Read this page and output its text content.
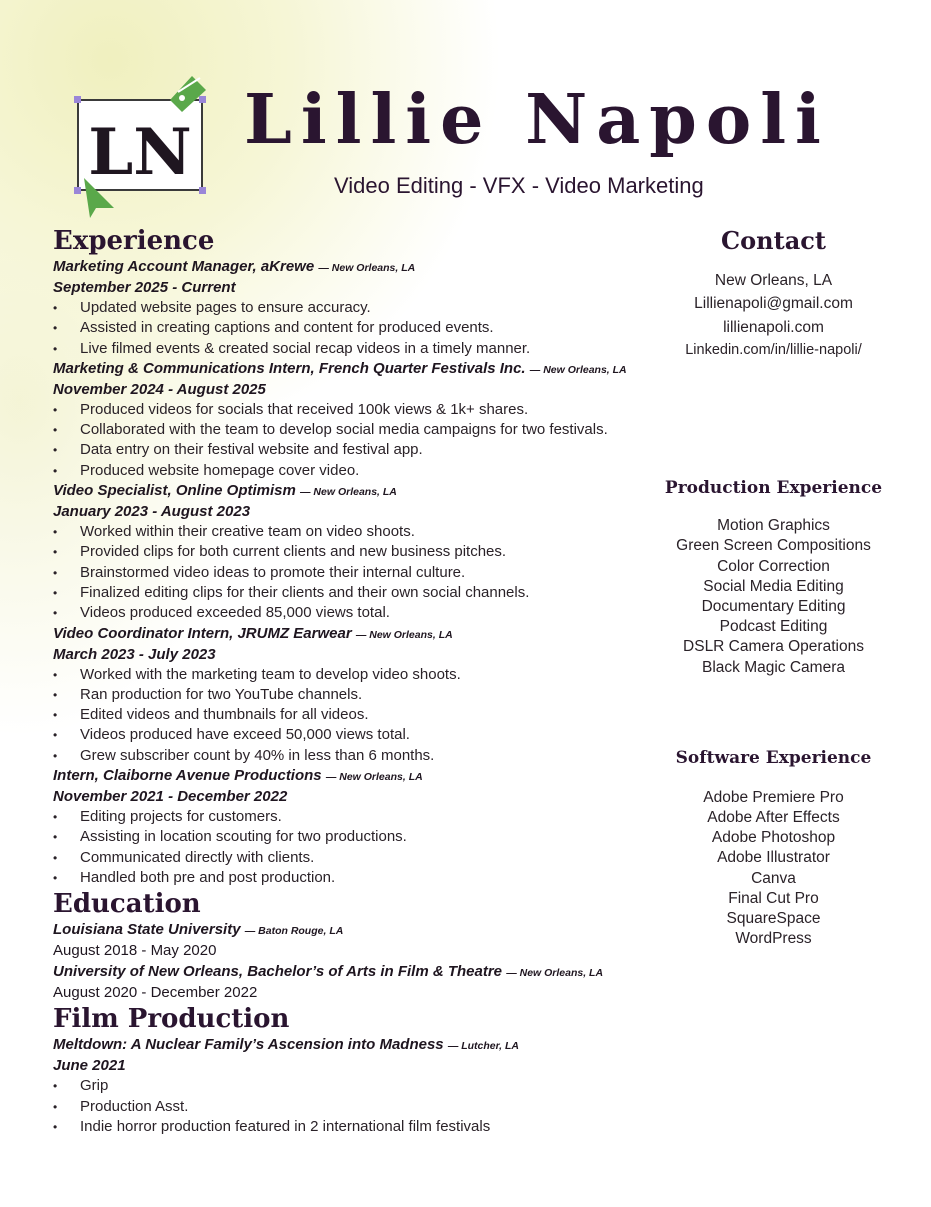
LN Lillie Napoli
Video Editing - VFX - Video Marketing
Experience
Marketing Account Manager, aKrewe — New Orleans, LA
September 2025 - Current
• Updated website pages to ensure accuracy.
• Assisted in creating captions and content for produced events.
• Live filmed events & created social recap videos in a timely manner.
Marketing & Communications Intern, French Quarter Festivals Inc. — New Orleans, LA
November 2024 - August 2025
• Produced videos for socials that received 100k views & 1k+ shares.
• Collaborated with the team to develop social media campaigns for two festivals.
• Data entry on their festival website and festival app.
• Produced website homepage cover video.
Video Specialist, Online Optimism — New Orleans, LA
January 2023 - August 2023
• Worked within their creative team on video shoots.
• Provided clips for both current clients and new business pitches.
• Brainstormed video ideas to promote their internal culture.
• Finalized editing clips for their clients and their own social channels.
• Videos produced exceeded 85,000 views total.
Video Coordinator Intern, JRUMZ Earwear — New Orleans, LA
March 2023 - July 2023
• Worked with the marketing team to develop video shoots.
• Ran production for two YouTube channels.
• Edited videos and thumbnails for all videos.
• Videos produced have exceed 50,000 views total.
• Grew subscriber count by 40% in less than 6 months.
Intern, Claiborne Avenue Productions — New Orleans, LA
November 2021 - December 2022
• Editing projects for customers.
• Assisting in location scouting for two productions.
• Communicated directly with clients.
• Handled both pre and post production.
Education
Louisiana State University — Baton Rouge, LA
August 2018 - May 2020
University of New Orleans, Bachelor’s of Arts in Film & Theatre — New Orleans, LA
August 2020 - December 2022
Film Production
Meltdown: A Nuclear Family’s Ascension into Madness — Lutcher, LA
June 2021
• Grip
• Production Asst.
• Indie horror production featured in 2 international film festivals
Contact
New Orleans, LA
Lillienapoli@gmail.com
lillienapoli.com
Linkedin.com/in/lillie-napoli/
Production Experience
Motion Graphics
Green Screen Compositions
Color Correction
Social Media Editing
Documentary Editing
Podcast Editing
DSLR Camera Operations
Black Magic Camera
Software Experience
Adobe Premiere Pro
Adobe After Effects
Adobe Photoshop
Adobe Illustrator
Canva
Final Cut Pro
SquareSpace
WordPress
